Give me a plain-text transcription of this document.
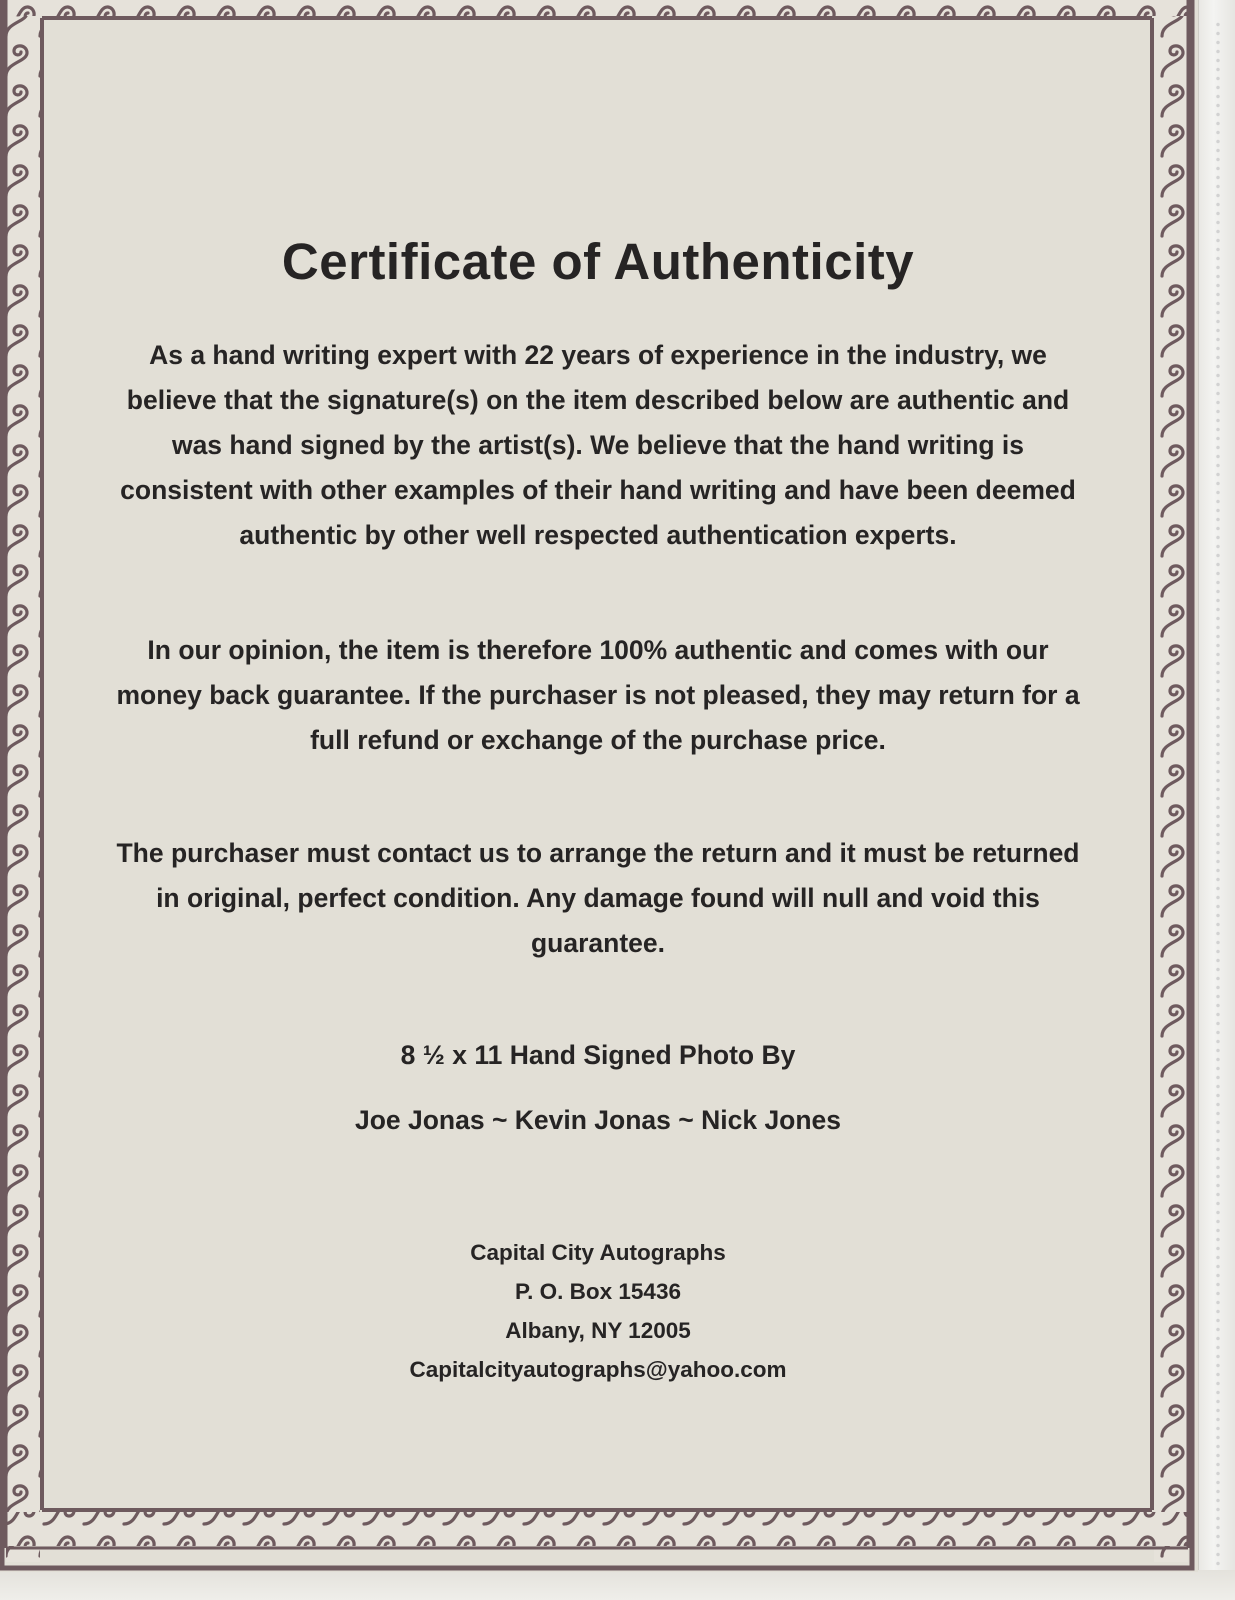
Certificate of Authenticity

As a hand writing expert with 22 years of experience in the industry, we believe that the signature(s) on the item described below are authentic and was hand signed by the artist(s). We believe that the hand writing is consistent with other examples of their hand writing and have been deemed authentic by other well respected authentication experts.

In our opinion, the item is therefore 100% authentic and comes with our money back guarantee. If the purchaser is not pleased, they may return for a full refund or exchange of the purchase price.

The purchaser must contact us to arrange the return and it must be returned in original, perfect condition. Any damage found will null and void this guarantee.

8 ½ x 11 Hand Signed Photo By

Joe Jonas ~ Kevin Jonas ~ Nick Jones

Capital City Autographs
P. O. Box 15436
Albany, NY 12005
Capitalcityautographs@yahoo.com
